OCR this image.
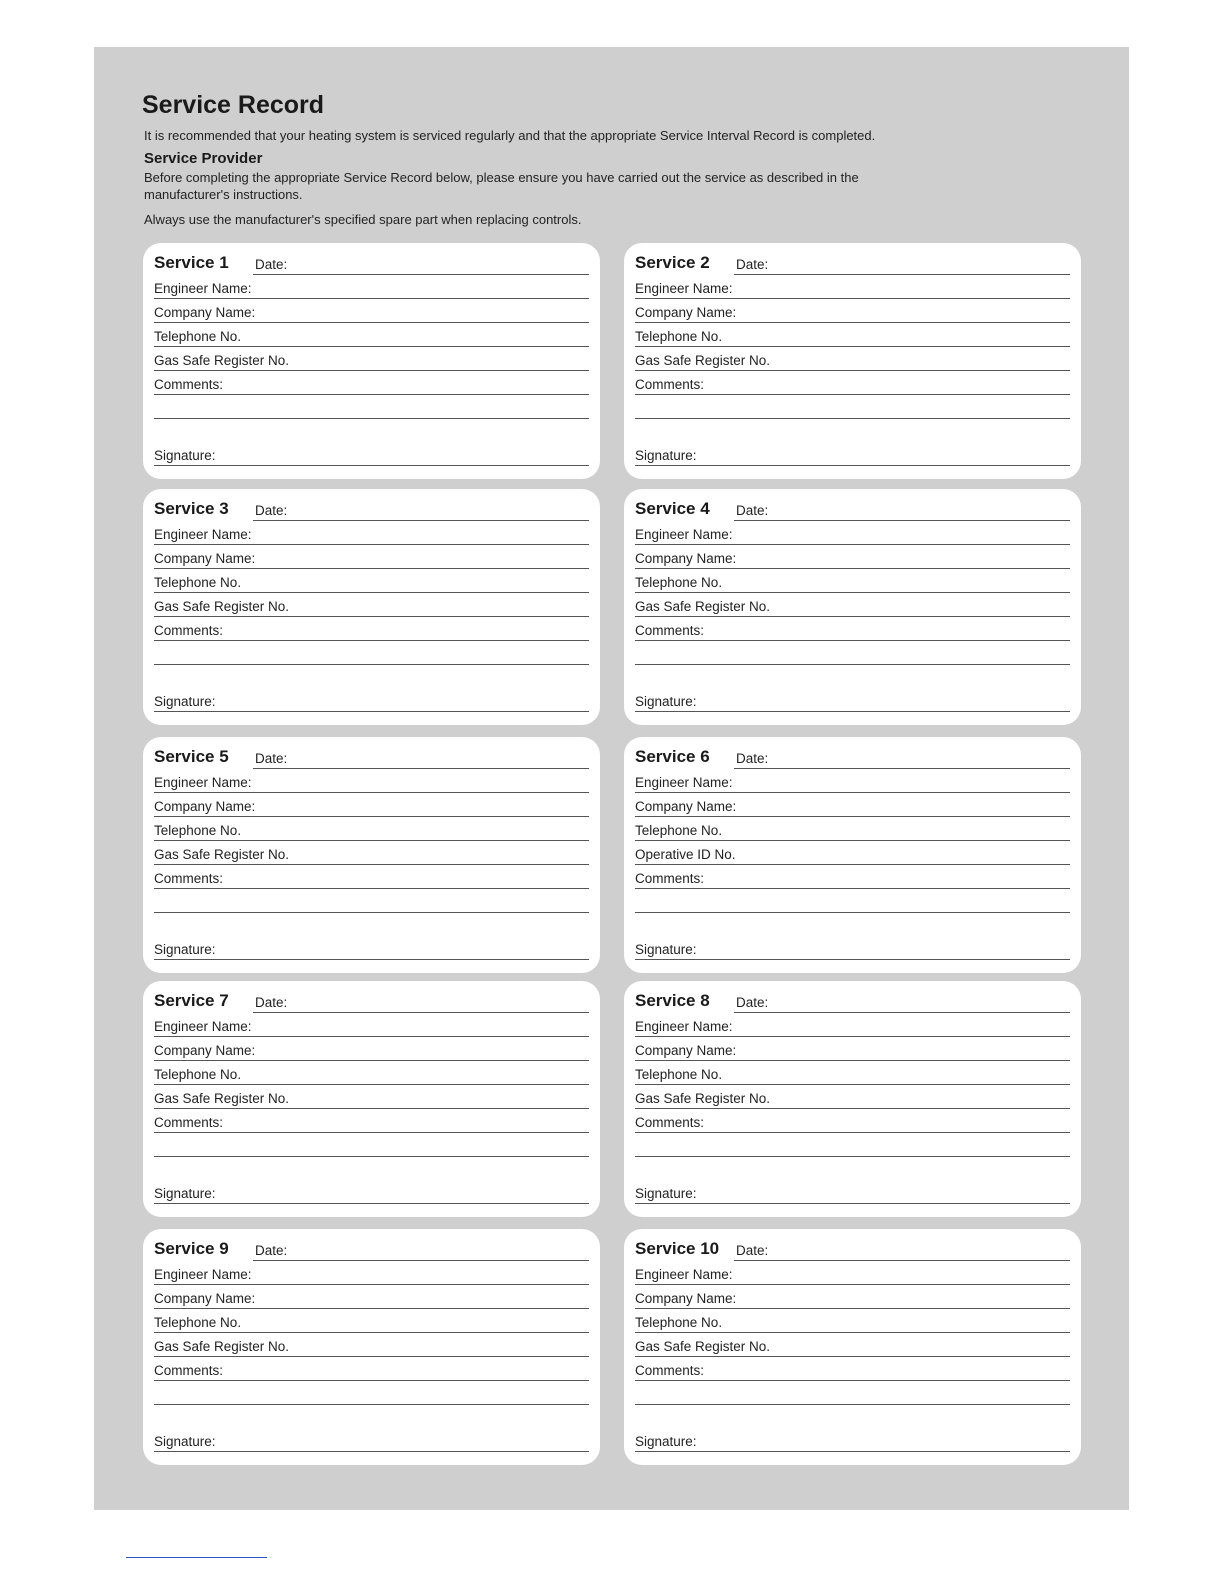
Service Record

It is recommended that your heating system is serviced regularly and that the appropriate Service Interval Record is completed.

Service Provider

Before completing the appropriate Service Record below, please ensure you have carried out the service as described in the manufacturer's instructions.

Always use the manufacturer's specified spare part when replacing controls.

Service 1 Date:
Engineer Name:
Company Name:
Telephone No.
Gas Safe Register No.
Comments:
Signature:
Service 2 Date:
Engineer Name:
Company Name:
Telephone No.
Gas Safe Register No.
Comments:
Signature:
Service 3 Date:
Engineer Name:
Company Name:
Telephone No.
Gas Safe Register No.
Comments:
Signature:
Service 4 Date:
Engineer Name:
Company Name:
Telephone No.
Gas Safe Register No.
Comments:
Signature:
Service 5 Date:
Engineer Name:
Company Name:
Telephone No.
Gas Safe Register No.
Comments:
Signature:
Service 6 Date:
Engineer Name:
Company Name:
Telephone No.
Operative ID No.
Comments:
Signature:
Service 7 Date:
Engineer Name:
Company Name:
Telephone No.
Gas Safe Register No.
Comments:
Signature:
Service 8 Date:
Engineer Name:
Company Name:
Telephone No.
Gas Safe Register No.
Comments:
Signature:
Service 9 Date:
Engineer Name:
Company Name:
Telephone No.
Gas Safe Register No.
Comments:
Signature:
Service 10 Date:
Engineer Name:
Company Name:
Telephone No.
Gas Safe Register No.
Comments:
Signature:
